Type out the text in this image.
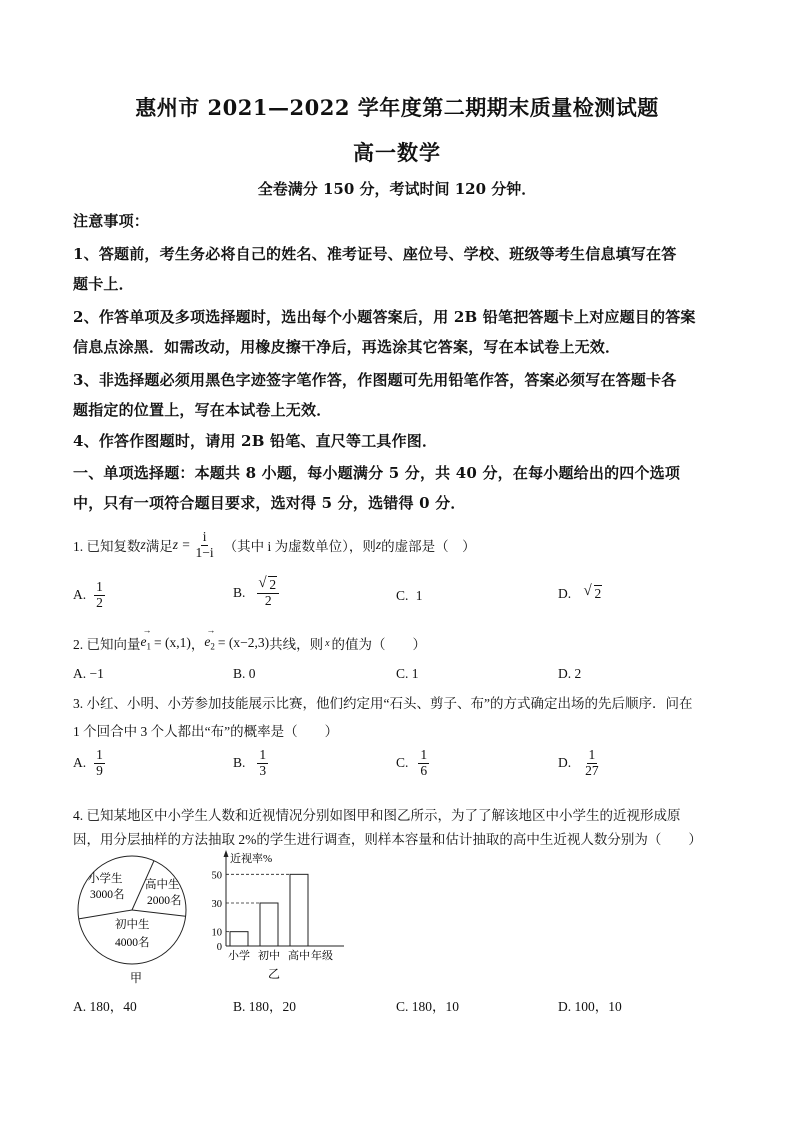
惠州市 2021—2022 学年度第二期期末质量检测试题
高一数学
全卷满分 150 分，考试时间 120 分钟．
注意事项：
1、答题前，考生务必将自己的姓名、准考证号、座位号、学校、班级等考生信息填写在答
题卡上．
2、作答单项及多项选择题时，选出每个小题答案后，用 2B 铅笔把答题卡上对应题目的答案
信息点涂黑．如需改动，用橡皮擦干净后，再选涂其它答案，写在本试卷上无效．
3、非选择题必须用黑色字迹签字笔作答，作图题可先用铅笔作答，答案必须写在答题卡各
题指定的位置上，写在本试卷上无效．
4、作答作图题时，请用 2B 铅笔、直尺等工具作图．
一、单项选择题：本题共 8 小题，每小题满分 5 分，共 40 分，在每小题给出的四个选项
中，只有一项符合题目要求，选对得 5 分，选错得 0 分．
1. 已知复数 z 满足 $z = \frac{i}{1-i}$ （其中 i 为虚数单位），则 z 的虚部是（　）
A. $\frac{1}{2}$	B. √ $\frac{2}{2}$	C. 1	D. √ 2
2. 已知向量
→
$e_1 = (x,1)$ ，
→
$e_2 = (x-2,3)$ 共线，则 x 的值为（　　）
A. −1	B. 0	C. 1	D. 2
3. 小红、小明、小芳参加技能展示比赛，他们约定用“石头、剪子、布”的方式确定出场的先后顺序．问在
1 个回合中 3 个人都出“布”的概率是（　　）
A. $\frac{1}{9}$	B. $\frac{1}{3}$	C. $\frac{1}{6}$	D. $\frac{1}{27}$
4. 已知某地区中小学生人数和近视情况分别如图甲和图乙所示，为了了解该地区中小学生的近视形成原
因，用分层抽样的方法抽取 2%的学生进行调查，则样本容量和估计抽取的高中生近视人数分别为（　　）
小学生
3000名
高中生
2000名
初中生
4000名
甲
近视率%
0
10
30
50
小学 初中 高中 年级
乙
A. 180，40	B. 180，20	C. 180，10	D. 100，10
